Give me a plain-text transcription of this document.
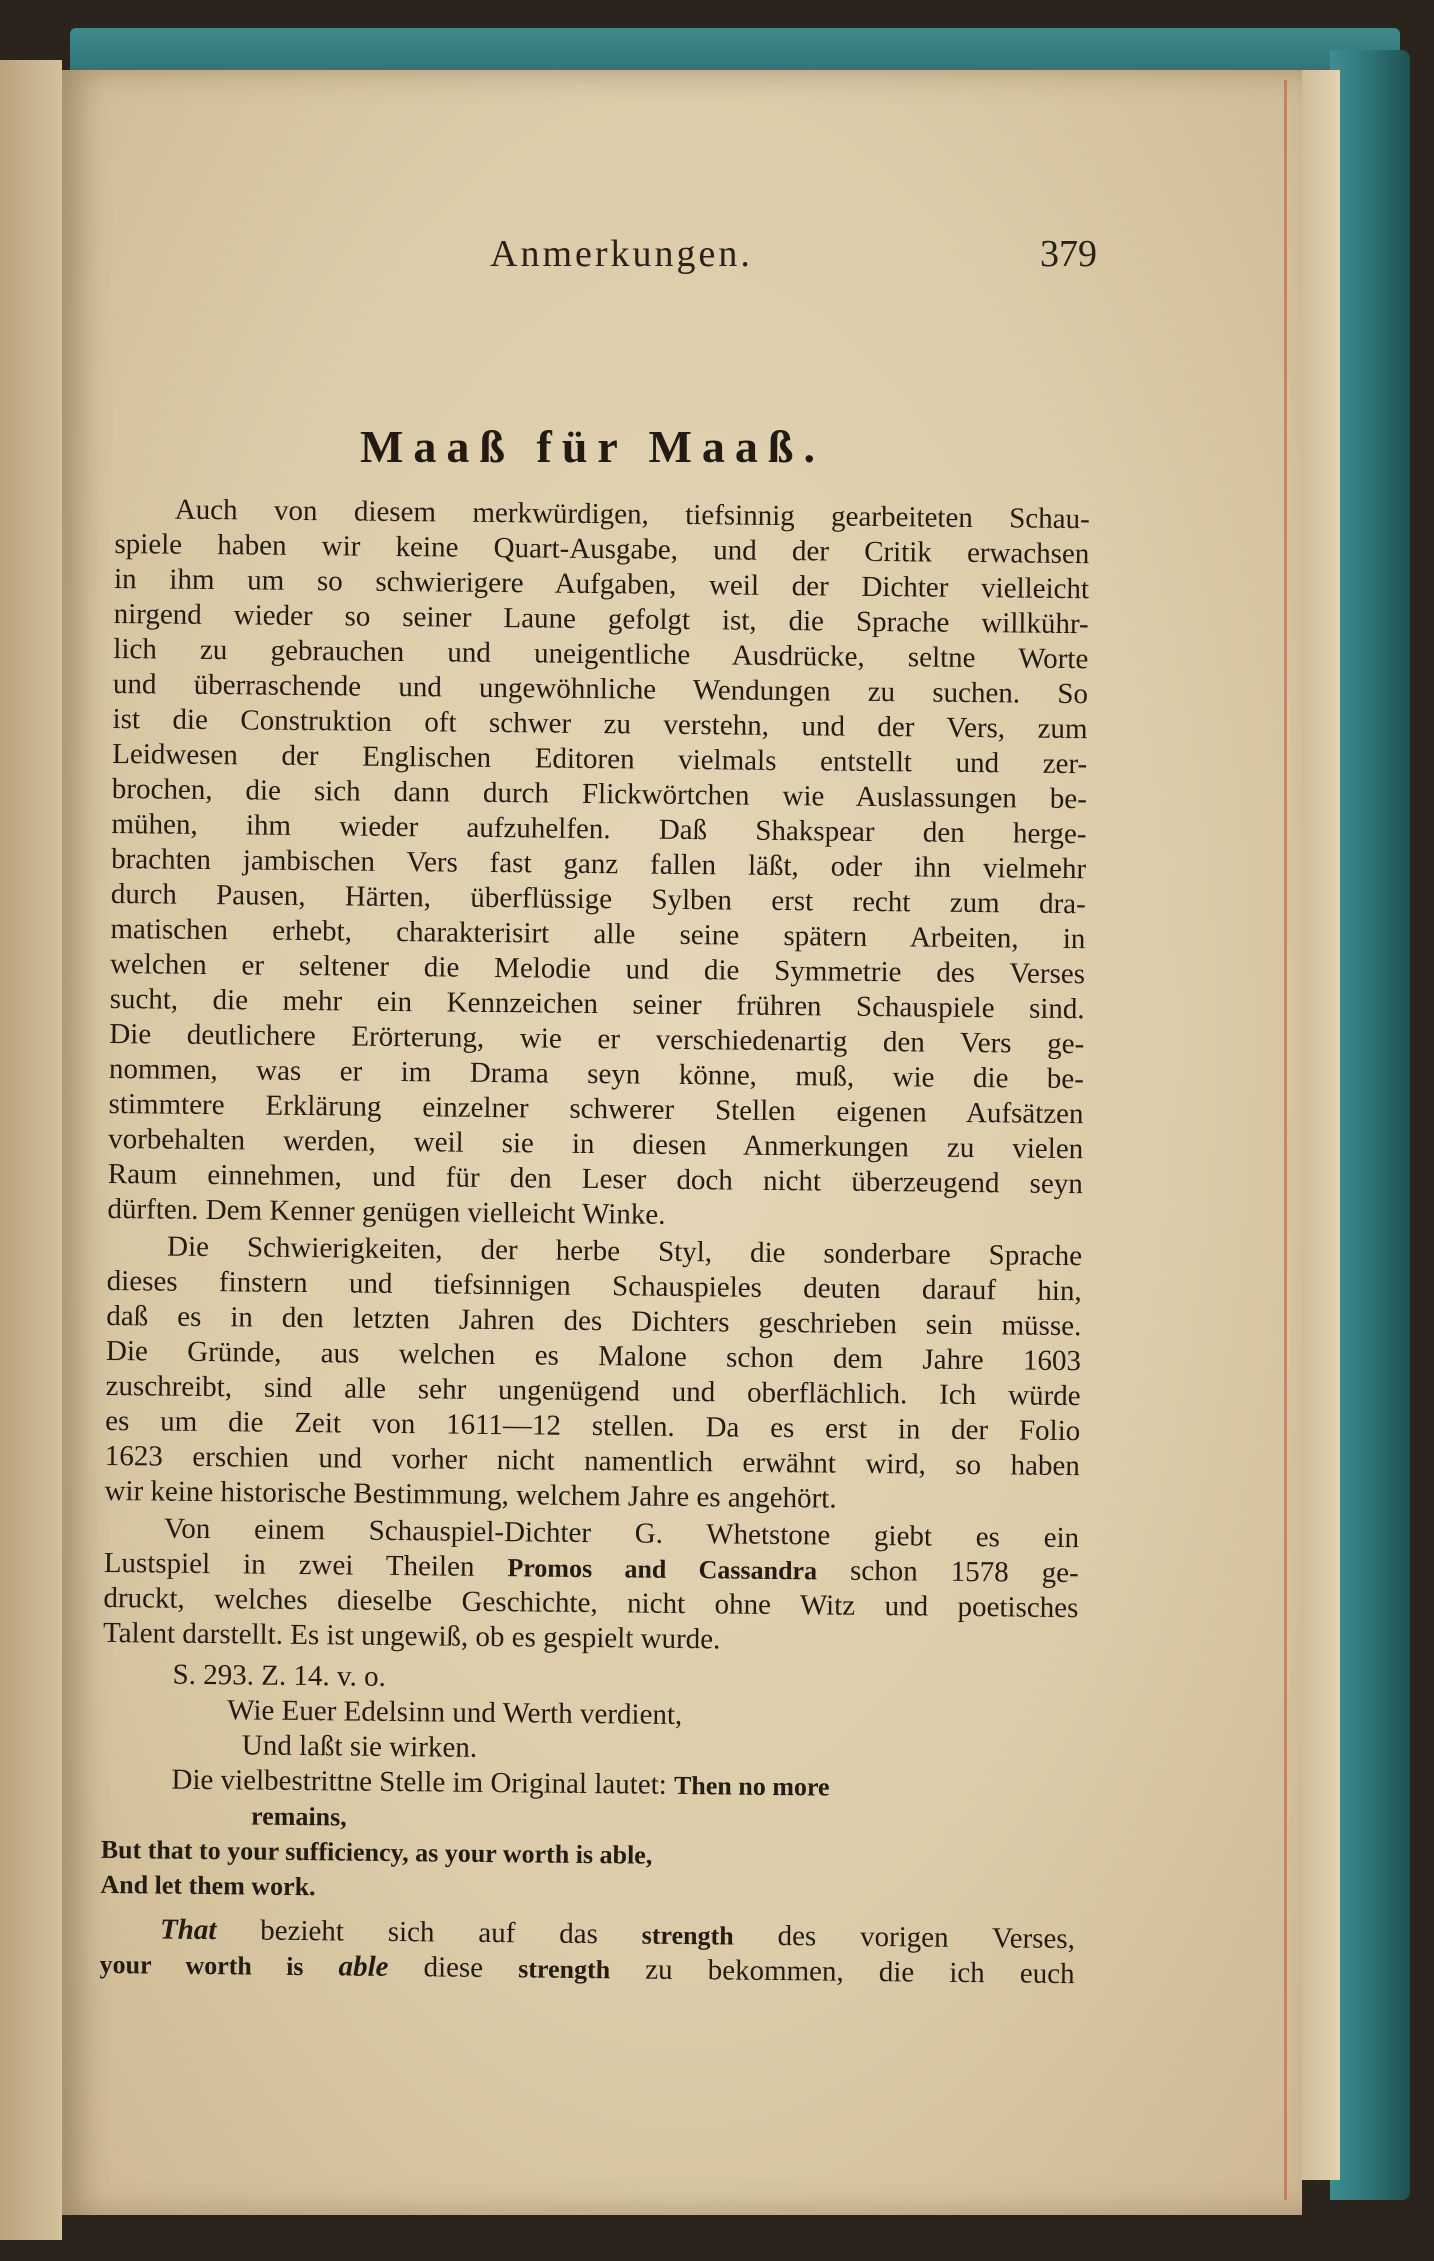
Anmerkungen.	379
Maaß für Maaß.
Auch von diesem merkwürdigen, tiefsinnig gearbeiteten Schau-
spiele haben wir keine Quart-Ausgabe, und der Critik erwachsen
in ihm um so schwierigere Aufgaben, weil der Dichter vielleicht
nirgend wieder so seiner Laune gefolgt ist, die Sprache willkühr-
lich zu gebrauchen und uneigentliche Ausdrücke, seltne Worte
und überraschende und ungewöhnliche Wendungen zu suchen. So
ist die Construktion oft schwer zu verstehn, und der Vers, zum
Leidwesen der Englischen Editoren vielmals entstellt und zer-
brochen, die sich dann durch Flickwörtchen wie Auslassungen be-
mühen, ihm wieder aufzuhelfen. Daß Shakspear den herge-
brachten jambischen Vers fast ganz fallen läßt, oder ihn vielmehr
durch Pausen, Härten, überflüssige Sylben erst recht zum dra-
matischen erhebt, charakterisirt alle seine spätern Arbeiten, in
welchen er seltener die Melodie und die Symmetrie des Verses
sucht, die mehr ein Kennzeichen seiner frühren Schauspiele sind.
Die deutlichere Erörterung, wie er verschiedenartig den Vers ge-
nommen, was er im Drama seyn könne, muß, wie die be-
stimmtere Erklärung einzelner schwerer Stellen eigenen Aufsätzen
vorbehalten werden, weil sie in diesen Anmerkungen zu vielen
Raum einnehmen, und für den Leser doch nicht überzeugend seyn
dürften. Dem Kenner genügen vielleicht Winke.
Die Schwierigkeiten, der herbe Styl, die sonderbare Sprache
dieses finstern und tiefsinnigen Schauspieles deuten darauf hin,
daß es in den letzten Jahren des Dichters geschrieben sein müsse.
Die Gründe, aus welchen es Malone schon dem Jahre 1603
zuschreibt, sind alle sehr ungenügend und oberflächlich. Ich würde
es um die Zeit von 1611—12 stellen. Da es erst in der Folio
1623 erschien und vorher nicht namentlich erwähnt wird, so haben
wir keine historische Bestimmung, welchem Jahre es angehört.
Von einem Schauspiel-Dichter G. Whetstone giebt es ein
Lustspiel in zwei Theilen Promos and Cassandra schon 1578 ge-
druckt, welches dieselbe Geschichte, nicht ohne Witz und poetisches
Talent darstellt. Es ist ungewiß, ob es gespielt wurde.
S. 293. Z. 14. v. o.
Wie Euer Edelsinn und Werth verdient,
Und laßt sie wirken.
Die vielbestrittne Stelle im Original lautet: Then no more
remains,
But that to your sufficiency, as your worth is able,
And let them work.
That bezieht sich auf das strength des vorigen Verses,
your worth is able diese strength zu bekommen, die ich euch
